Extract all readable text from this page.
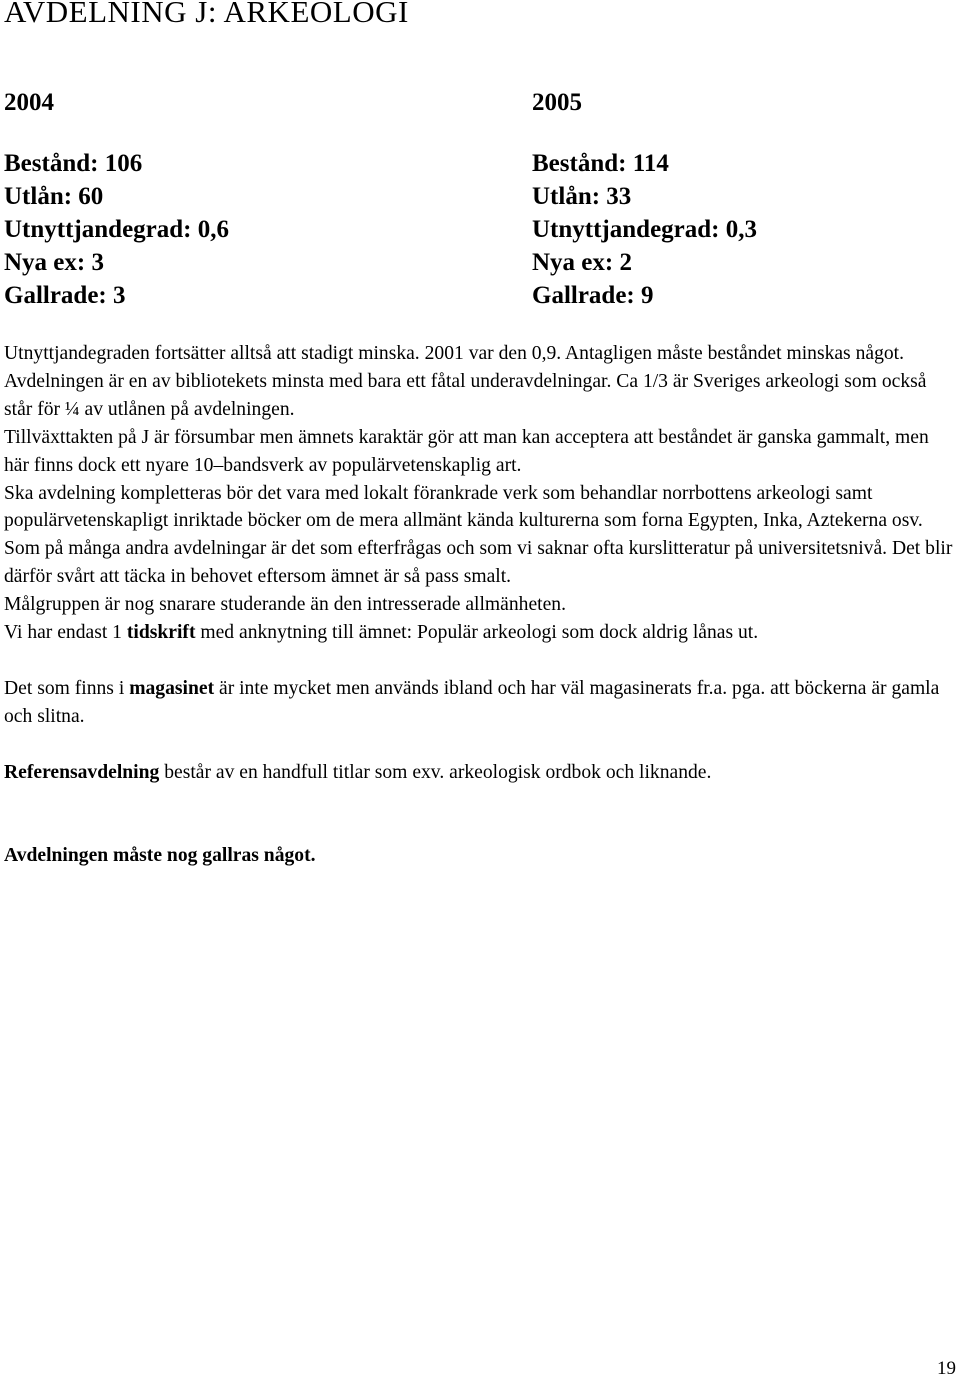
AVDELNING J: ARKEOLOGI
2004
Bestånd: 106
Utlån: 60
Utnyttjandegrad: 0,6
Nya ex: 3
Gallrade: 3
2005
Bestånd: 114
Utlån: 33
Utnyttjandegrad: 0,3
Nya ex: 2
Gallrade: 9

Utnyttjandegraden fortsätter alltså att stadigt minska. 2001 var den 0,9. Antagligen måste beståndet minskas något.

Avdelningen är en av bibliotekets minsta med bara ett fåtal underavdelningar. Ca 1/3 är Sveriges arkeologi som också står för ¼ av utlånen på avdelningen.

Tillväxttakten på J är försumbar men ämnets karaktär gör att man kan acceptera att beståndet är ganska gammalt, men här finns dock ett nyare 10–bandsverk av populärvetenskaplig art.

Ska avdelning kompletteras bör det vara med lokalt förankrade verk som behandlar norrbottens arkeologi samt populärvetenskapligt inriktade böcker om de mera allmänt kända kulturerna som forna Egypten, Inka, Aztekerna osv.

Som på många andra avdelningar är det som efterfrågas och som vi saknar ofta kurslitteratur på universitetsnivå. Det blir därför svårt att täcka in behovet eftersom ämnet är så pass smalt.

Målgruppen är nog snarare studerande än den intresserade allmänheten.

Vi har endast 1 tidskrift med anknytning till ämnet: Populär arkeologi som dock aldrig lånas ut.

Det som finns i magasinet är inte mycket men används ibland och har väl magasinerats fr.a. pga. att böckerna är gamla och slitna.

Referensavdelning består av en handfull titlar som exv. arkeologisk ordbok och liknande.

Avdelningen måste nog gallras något.

19
